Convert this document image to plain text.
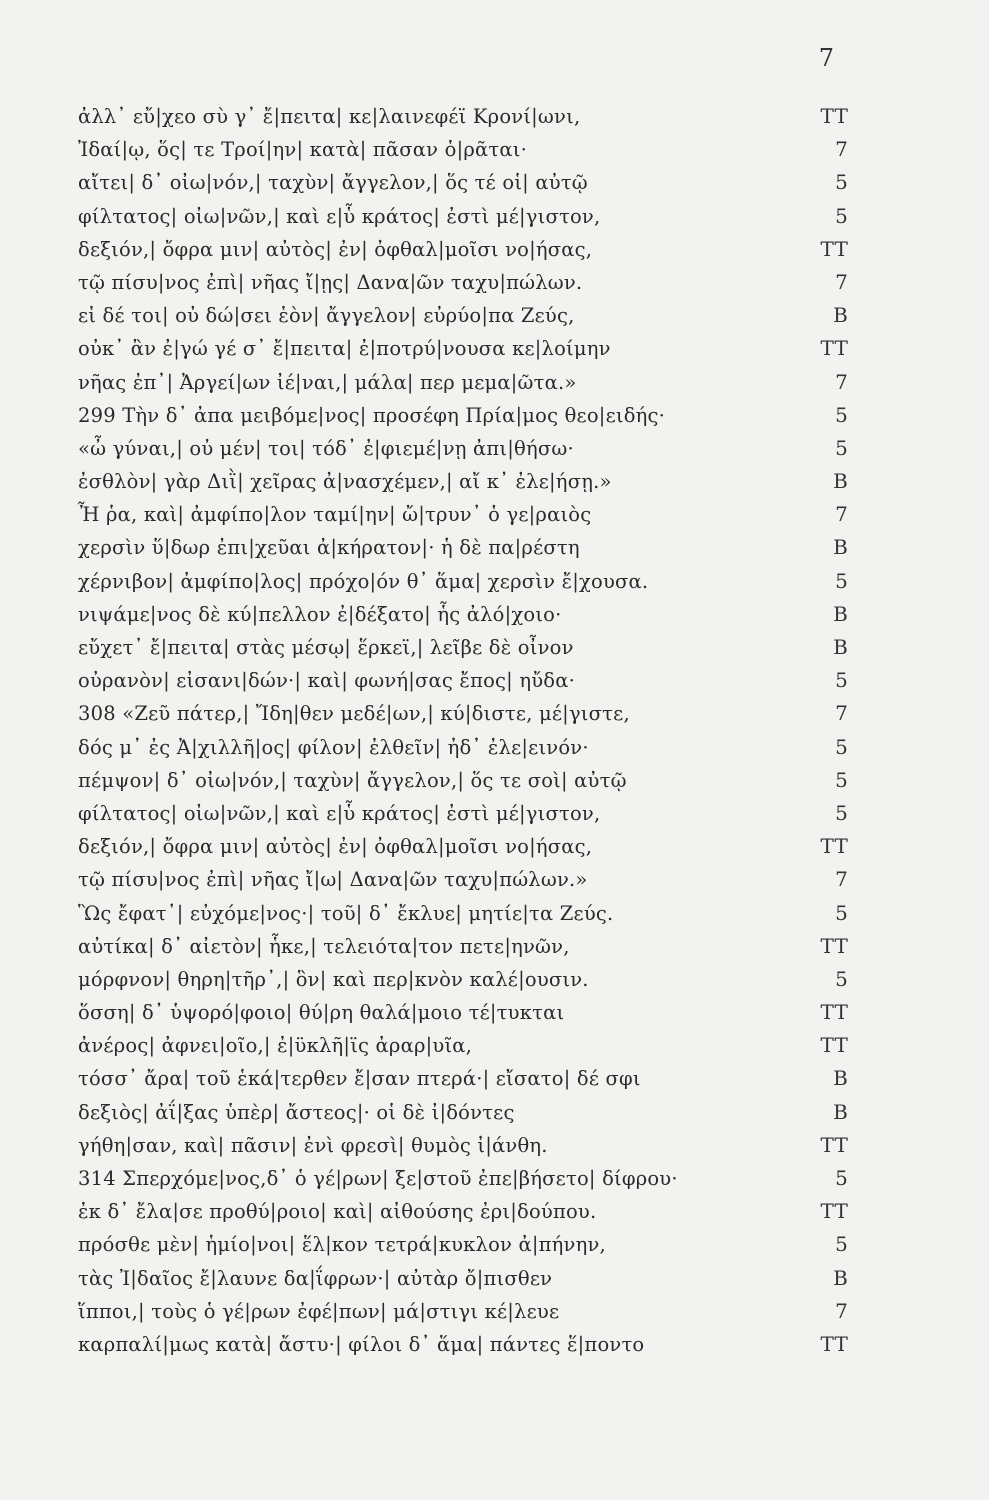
7
ἀλλ᾽ εὔ|χεο σὺ γ᾽ ἔ|πειτα| κε|λαινεφέϊ Κρονί|ωνι,	TT
Ἰδαί|ῳ, ὅς| τε Τροί|ην| κατὰ| πᾶσαν ὁ|ρᾶται·	7
αἴτει| δ᾽ οἰω|νόν,| ταχὺν| ἄγγελον,| ὅς τέ οἱ| αὐτῷ	5
φίλτατος| οἰω|νῶν,| καὶ ε|ὗ κράτος| ἐστὶ μέ|γιστον,	5
δεξιόν,| ὄφρα μιν| αὐτὸς| ἐν| ὀφθαλ|μοῖσι νο|ήσας,	TT
τῷ πίσυ|νος ἐπὶ| νῆας ἴ|ῃς| Δανα|ῶν ταχυ|πώλων.	7
εἰ δέ τοι| οὐ δώ|σει ἑὸν| ἄγγελον| εὐρύο|πα Ζεύς,	B
οὐκ᾽ ἂν ἐ|γώ γέ σ᾽ ἔ|πειτα| ἐ|ποτρύ|νουσα κε|λοίμην	TT
νῆας ἐπ᾽| Ἀργεί|ων ἰέ|ναι,| μάλα| περ μεμα|ῶτα.»	7
299 Τὴν δ᾽ ἀπα μειβόμε|νος| προσέφη Πρία|μος θεο|ειδής·	5
«ὦ γύναι,| οὐ μέν| τοι| τόδ᾽ ἐ|φιεμέ|νῃ ἀπι|θήσω·	5
ἐσθλὸν| γὰρ Διῒ| χεῖρας ἀ|νασχέμεν,| αἴ κ᾽ ἐλε|ήσῃ.»	B
Ἦ ῥα, καὶ| ἀμφίπο|λον ταμί|ην| ὤ|τρυν᾽ ὁ γε|ραιὸς	7
χερσὶν ὕ|δωρ ἐπι|χεῦαι ἀ|κήρατον|· ἡ δὲ πα|ρέστη	B
χέρνιβον| ἀμφίπο|λος| πρόχο|όν θ᾽ ἅμα| χερσὶν ἔ|χουσα.	5
νιψάμε|νος δὲ κύ|πελλον ἐ|δέξατο| ἧς ἀλό|χοιο·	B
εὔχετ᾽ ἔ|πειτα| στὰς μέσῳ| ἕρκεϊ,| λεῖβε δὲ οἶνον	B
οὐρανὸν| εἰσανι|δών·| καὶ| φωνή|σας ἔπος| ηὔδα·	5
308 «Ζεῦ πάτερ,| Ἴδη|θεν μεδέ|ων,| κύ|διστε, μέ|γιστε,	7
δός μ᾽ ἐς Ἀ|χιλλῆ|ος| φίλον| ἐλθεῖν| ἠδ᾽ ἐλε|εινόν·	5
πέμψον| δ᾽ οἰω|νόν,| ταχὺν| ἄγγελον,| ὅς τε σοὶ| αὐτῷ	5
φίλτατος| οἰω|νῶν,| καὶ ε|ὗ κράτος| ἐστὶ μέ|γιστον,	5
δεξιόν,| ὄφρα μιν| αὐτὸς| ἐν| ὀφθαλ|μοῖσι νο|ήσας,	TT
τῷ πίσυ|νος ἐπὶ| νῆας ἴ|ω| Δανα|ῶν ταχυ|πώλων.»	7
Ὣς ἔφατ᾽| εὐχόμε|νος·| τοῦ| δ᾽ ἔκλυε| μητίε|τα Ζεύς.	5
αὐτίκα| δ᾽ αἰετὸν| ἧκε,| τελειότα|τον πετε|ηνῶν,	TT
μόρφνον| θηρη|τῆρ᾽,| ὃν| καὶ περ|κνὸν καλέ|ουσιν.	5
ὅσση| δ᾽ ὑψορό|φοιο| θύ|ρη θαλά|μοιο τέ|τυκται	TT
ἀνέρος| ἀφνει|οῖο,| ἐ|ϋκλῆ|ϊς ἀραρ|υῖα,	TT
τόσσ᾽ ἄρα| τοῦ ἑκά|τερθεν ἔ|σαν πτερά·| εἴσατο| δέ σφι	B
δεξιὸς| ἀΐ|ξας ὑπὲρ| ἄστεος|· οἱ δὲ ἰ|δόντες	B
γήθη|σαν, καὶ| πᾶσιν| ἐνὶ φρεσὶ| θυμὸς ἰ|άνθη.	TT
314 Σπερχόμε|νος,δ᾽ ὁ γέ|ρων| ξε|στοῦ ἐπε|βήσετο| δίφρου·	5
ἐκ δ᾽ ἔλα|σε προθύ|ροιο| καὶ| αἰθούσης ἐρι|δούπου.	TT
πρόσθε μὲν| ἡμίο|νοι| ἕλ|κον τετρά|κυκλον ἀ|πήνην,	5
τὰς Ἰ|δαῖος ἔ|λαυνε δα|ΐφρων·| αὐτὰρ ὄ|πισθεν	B
ἵπποι,| τοὺς ὁ γέ|ρων ἐφέ|πων| μά|στιγι κέ|λευε	7
καρπαλί|μως κατὰ| ἄστυ·| φίλοι δ᾽ ἅμα| πάντες ἕ|ποντο	TT
